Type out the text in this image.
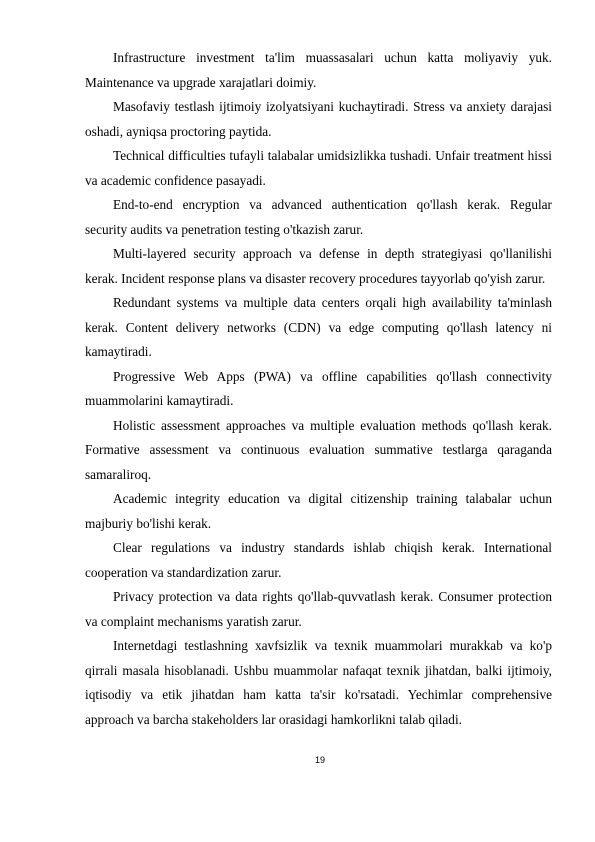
Infrastructure investment ta'lim muassasalari uchun katta moliyaviy yuk. Maintenance va upgrade xarajatlari doimiy.

Masofaviy testlash ijtimoiy izolyatsiyani kuchaytiradi. Stress va anxiety darajasi oshadi, ayniqsa proctoring paytida.

Technical difficulties tufayli talabalar umidsizlikka tushadi. Unfair treatment hissi va academic confidence pasayadi.

End-to-end encryption va advanced authentication qo'llash kerak. Regular security audits va penetration testing o'tkazish zarur.

Multi-layered security approach va defense in depth strategiyasi qo'llanilishi kerak. Incident response plans va disaster recovery procedures tayyorlab qo'yish zarur.

Redundant systems va multiple data centers orqali high availability ta'minlash kerak. Content delivery networks (CDN) va edge computing qo'llash latency ni kamaytiradi.

Progressive Web Apps (PWA) va offline capabilities qo'llash connectivity muammolarini kamaytiradi.

Holistic assessment approaches va multiple evaluation methods qo'llash kerak. Formative assessment va continuous evaluation summative testlarga qaraganda samaraliroq.

Academic integrity education va digital citizenship training talabalar uchun majburiy bo'lishi kerak.

Clear regulations va industry standards ishlab chiqish kerak. International cooperation va standardization zarur.

Privacy protection va data rights qo'llab-quvvatlash kerak. Consumer protection va complaint mechanisms yaratish zarur.

Internetdagi testlashning xavfsizlik va texnik muammolari murakkab va ko'p qirrali masala hisoblanadi. Ushbu muammolar nafaqat texnik jihatdan, balki ijtimoiy, iqtisodiy va etik jihatdan ham katta ta'sir ko'rsatadi. Yechimlar comprehensive approach va barcha stakeholders lar orasidagi hamkorlikni talab qiladi.

19
